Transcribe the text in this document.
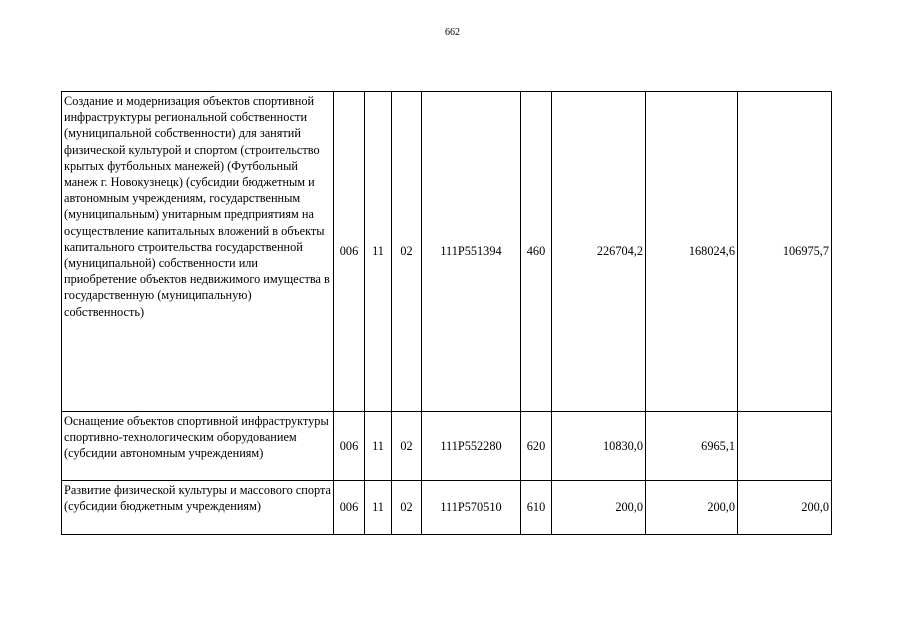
662
Создание и модернизация объектов спортивной инфраструктуры региональной собственности (муниципальной собственности) для занятий физической культурой и спортом (строительство крытых футбольных манежей) (Футбольный манеж г. Новокузнецк) (субсидии бюджетным и автономным учреждениям, государственным (муниципальным) унитарным предприятиям на осуществление капитальных вложений в объекты капитального строительства государственной (муниципальной) собственности или приобретение объектов недвижимого имущества в государственную (муниципальную) собственность)	006	11	02	111P551394	460	226704,2	168024,6	106975,7
Оснащение объектов спортивной инфраструктуры спортивно-технологическим оборудованием (субсидии автономным учреждениям)	006	11	02	111P552280	620	10830,0	6965,1	
Развитие физической культуры и массового спорта (субсидии бюджетным учреждениям)	006	11	02	111P570510	610	200,0	200,0	200,0
